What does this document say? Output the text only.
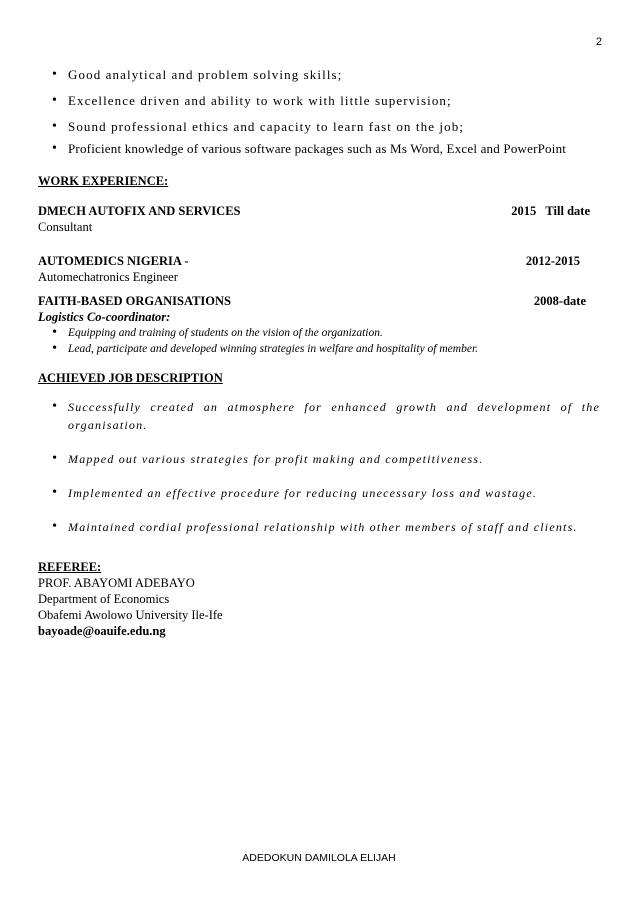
2
• Good analytical and problem solving skills;
• Excellence driven and ability to work with little supervision;
• Sound professional ethics and capacity to learn fast on the job;
• Proficient knowledge of various software packages such as Ms Word, Excel and PowerPoint

WORK EXPERIENCE:

DMECH AUTOFIX AND SERVICES	2015   Till date
Consultant
AUTOMEDICS NIGERIA -	2012-2015
Automechatronics Engineer
FAITH-BASED ORGANISATIONS	2008-date
Logistics Co-coordinator:
• Equipping and training of students on the vision of the organization.
• Lead, participate and developed winning strategies in welfare and hospitality of member.

ACHIEVED JOB DESCRIPTION

• Successfully created an atmosphere for enhanced growth and development of the organisation.
• Mapped out various strategies for profit making and competitiveness.
• Implemented an effective procedure for reducing unecessary loss and wastage.
• Maintained cordial professional relationship with other members of staff and clients.

REFEREE:

PROF. ABAYOMI ADEBAYO
Department of Economics
Obafemi Awolowo University Ile-Ife
bayoade@oauife.edu.ng
ADEDOKUN DAMILOLA ELIJAH
